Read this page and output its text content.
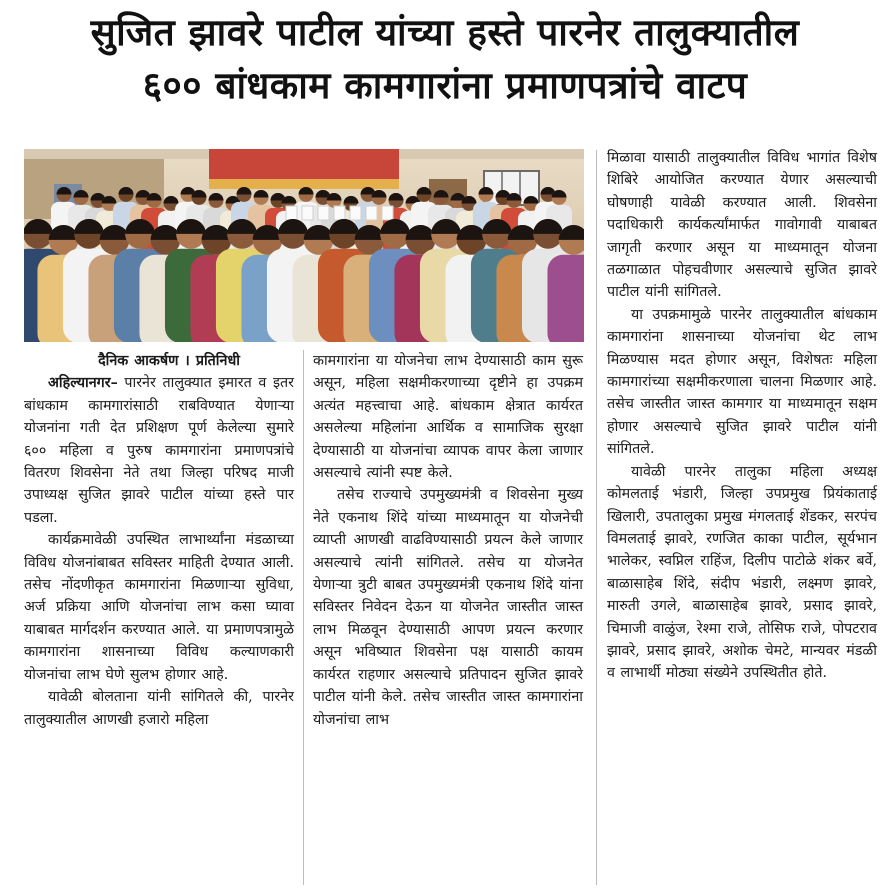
सुजित झावरे पाटील यांच्या हस्ते पारनेर तालुक्यातील
६०० बांधकाम कामगारांना प्रमाणपत्रांचे वाटप
दैनिक आकर्षण । प्रतिनिधी

अहिल्यानगर– पारनेर तालुक्यात इमारत व इतर बांधकाम कामगारांसाठी राबविण्यात येणाऱ्या योजनांना गती देत प्रशिक्षण पूर्ण केलेल्या सुमारे ६०० महिला व पुरुष कामगारांना प्रमाणपत्रांचे वितरण शिवसेना नेते तथा जिल्हा परिषद माजी उपाध्यक्ष सुजित झावरे पाटील यांच्या हस्ते पार पडला.

कार्यक्रमावेळी उपस्थित लाभार्थ्यांना मंडळाच्या विविध योजनांबाबत सविस्तर माहिती देण्यात आली. तसेच नोंदणीकृत कामगारांना मिळणाऱ्या सुविधा, अर्ज प्रक्रिया आणि योजनांचा लाभ कसा घ्यावा याबाबत मार्गदर्शन करण्यात आले. या प्रमाणपत्रामुळे कामगारांना शासनाच्या विविध कल्याणकारी योजनांचा लाभ घेणे सुलभ होणार आहे.

यावेळी बोलताना यांनी सांगितले की, पारनेर तालुक्यातील आणखी हजारो महिला

कामगारांना या योजनेचा लाभ देण्यासाठी काम सुरू असून, महिला सक्षमीकरणाच्या दृष्टीने हा उपक्रम अत्यंत महत्त्वाचा आहे. बांधकाम क्षेत्रात कार्यरत असलेल्या महिलांना आर्थिक व सामाजिक सुरक्षा देण्यासाठी या योजनांचा व्यापक वापर केला जाणार असल्याचे त्यांनी स्पष्ट केले.

तसेच राज्याचे उपमुख्यमंत्री व शिवसेना मुख्य नेते एकनाथ शिंदे यांच्या माध्यमातून या योजनेची व्याप्ती आणखी वाढविण्यासाठी प्रयत्न केले जाणार असल्याचे त्यांनी सांगितले. तसेच या योजनेत येणाऱ्या त्रुटी बाबत उपमुख्यमंत्री एकनाथ शिंदे यांना सविस्तर निवेदन देऊन या योजनेत जास्तीत जास्त लाभ मिळवून देण्यासाठी आपण प्रयत्न करणार असून भविष्यात शिवसेना पक्ष यासाठी कायम कार्यरत राहणार असल्याचे प्रतिपादन सुजित झावरे पाटील यांनी केले. तसेच जास्तीत जास्त कामगारांना योजनांचा लाभ

मिळावा यासाठी तालुक्यातील विविध भागांत विशेष शिबिरे आयोजित करण्यात येणार असल्याची घोषणाही यावेळी करण्यात आली. शिवसेना पदाधिकारी कार्यकर्त्यांमार्फत गावोगावी याबाबत जागृती करणार असून या माध्यमातून योजना तळगाळात पोहचवीणार असल्याचे सुजित झावरे पाटील यांनी सांगितले.

या उपक्रमामुळे पारनेर तालुक्यातील बांधकाम कामगारांना शासनाच्या योजनांचा थेट लाभ मिळण्यास मदत होणार असून, विशेषतः महिला कामगारांच्या सक्षमीकरणाला चालना मिळणार आहे. तसेच जास्तीत जास्त कामगार या माध्यमातून सक्षम होणार असल्याचे सुजित झावरे पाटील यांनी सांगितले.

यावेळी पारनेर तालुका महिला अध्यक्ष कोमलताई भंडारी, जिल्हा उपप्रमुख प्रियंकाताई खिलारी, उपतालुका प्रमुख मंगलताई शेंडकर, सरपंच विमलताई झावरे, रणजित काका पाटील, सूर्यभान भालेकर, स्वप्निल राहिंज, दिलीप पाटोळे शंकर बर्वे, बाळासाहेब शिंदे, संदीप भंडारी, लक्ष्मण झावरे, मारुती उगले, बाळासाहेब झावरे, प्रसाद झावरे, चिमाजी वाळुंज, रेश्मा राजे, तोसिफ राजे, पोपटराव झावरे, प्रसाद झावरे, अशोक चेमटे, मान्यवर मंडळी व लाभार्थी मोठ्या संख्येने उपस्थितीत होते.
